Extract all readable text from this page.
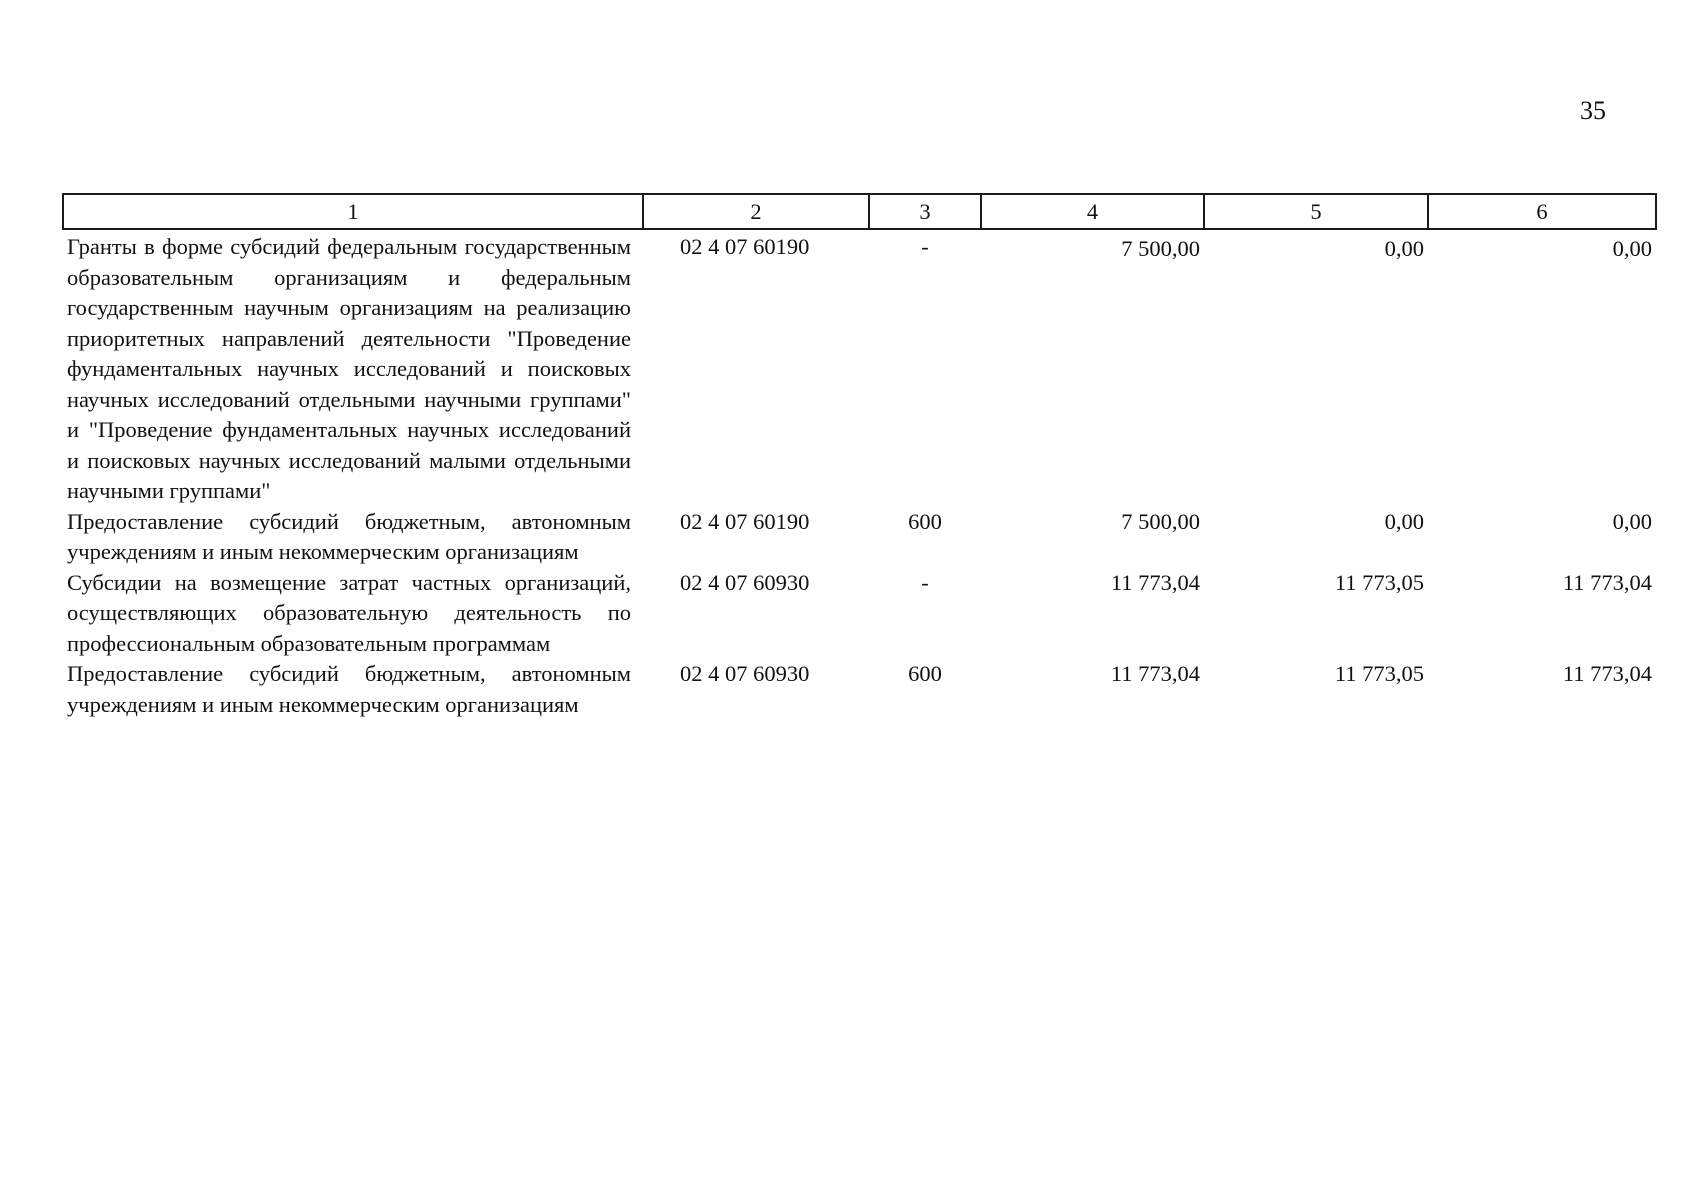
35
1	2	3	4	5	6
Гранты в форме субсидий федеральным государственным образовательным организациям и федеральным государственным научным организациям на реализацию приоритетных направлений деятельности "Проведение фундаментальных научных исследований и поисковых научных исследований отдельными научными группами" и "Проведение фундаментальных научных исследований и поисковых научных исследований малыми отдельными научными группами"	02 4 07 60190	-	7 500,00	0,00	0,00
Предоставление субсидий бюджетным, автономным учреждениям и иным некоммерческим организациям	02 4 07 60190	600	7 500,00	0,00	0,00
Субсидии на возмещение затрат частных организаций, осуществляющих образовательную деятельность по профессиональным образовательным программам	02 4 07 60930	-	11 773,04	11 773,05	11 773,04
Предоставление субсидий бюджетным, автономным учреждениям и иным некоммерческим организациям	02 4 07 60930	600	11 773,04	11 773,05	11 773,04
